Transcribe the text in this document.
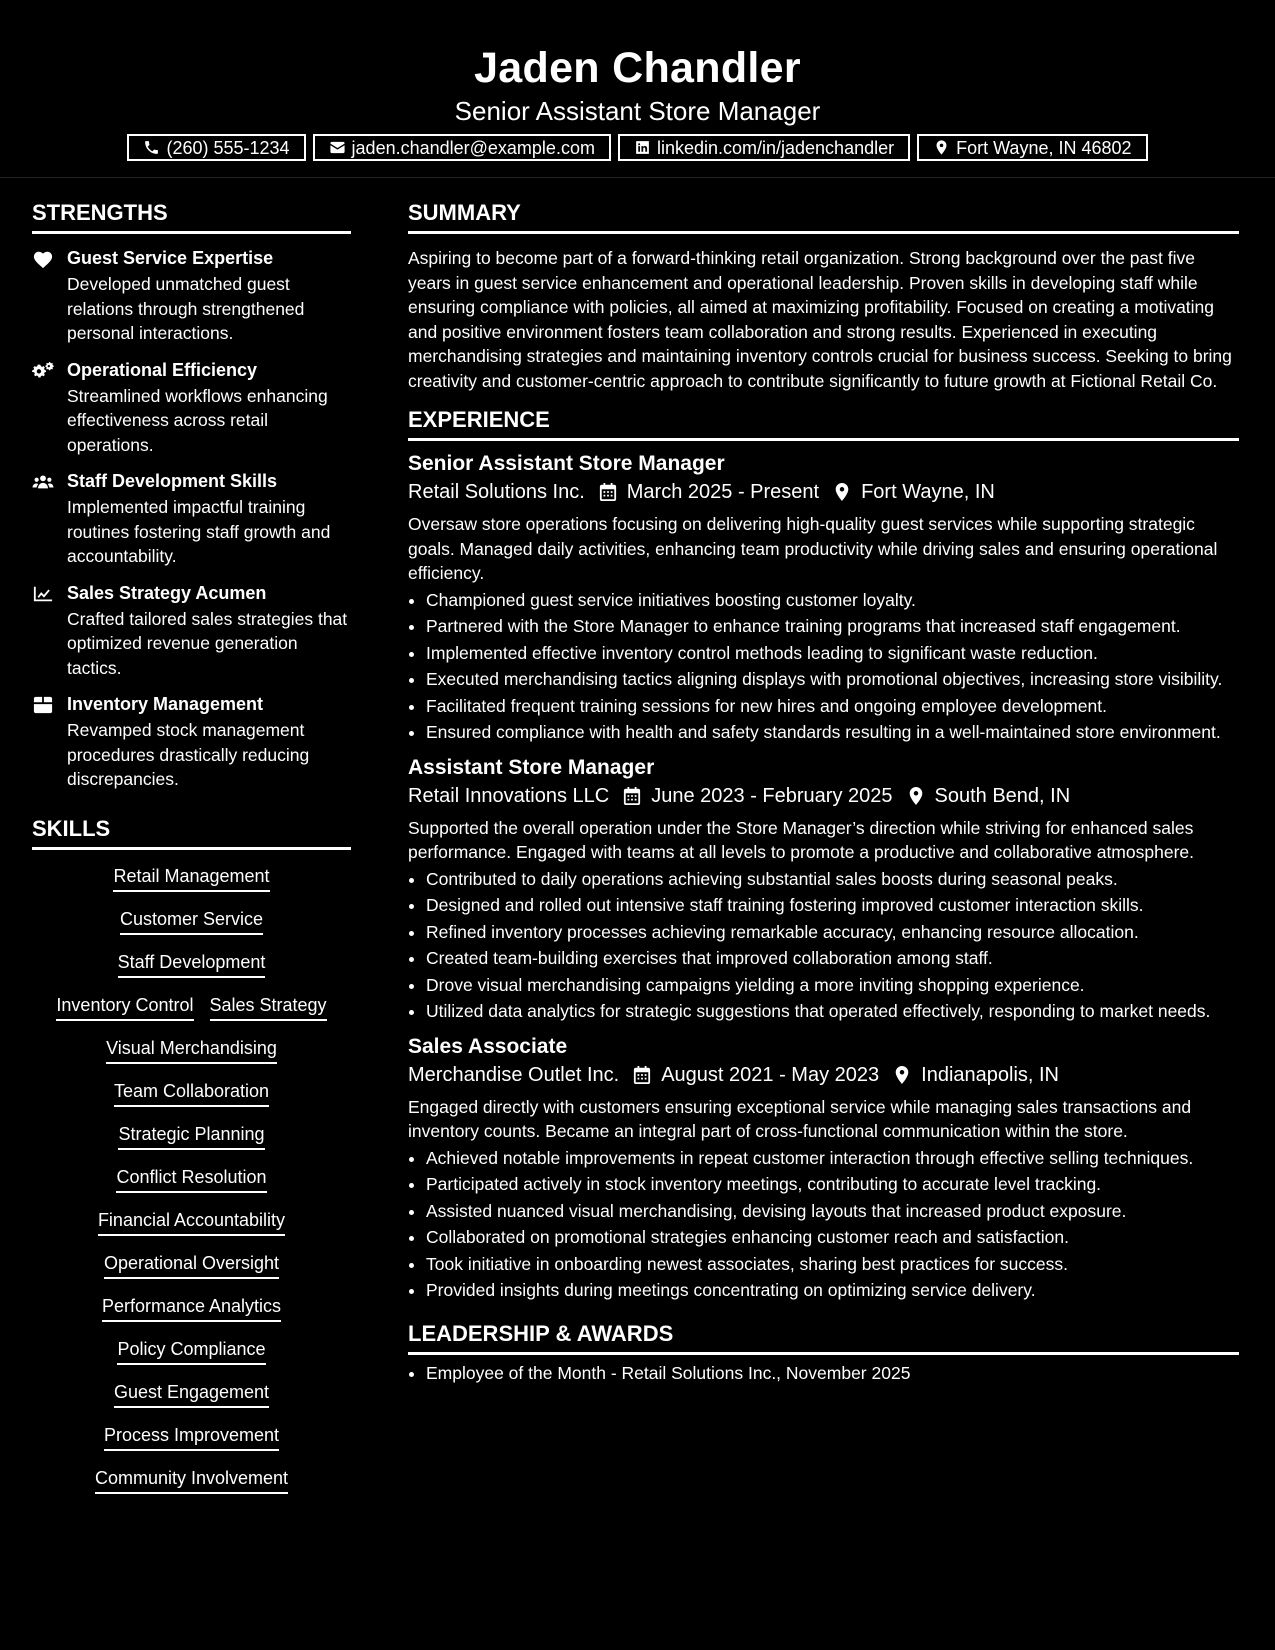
Jaden Chandler
Senior Assistant Store Manager
(260) 555-1234	jaden.chandler@example.com	linkedin.com/in/jadenchandler	Fort Wayne, IN 46802
STRENGTHS
Guest Service Expertise

Developed unmatched guest relations through strengthened personal interactions.

Operational Efficiency

Streamlined workflows enhancing effectiveness across retail operations.

Staff Development Skills

Implemented impactful training routines fostering staff growth and accountability.

Sales Strategy Acumen

Crafted tailored sales strategies that optimized revenue generation tactics.

Inventory Management

Revamped stock management procedures drastically reducing discrepancies.

SKILLS
Retail Management
Customer Service
Staff Development
Inventory Control Sales Strategy
Visual Merchandising
Team Collaboration
Strategic Planning
Conflict Resolution
Financial Accountability
Operational Oversight
Performance Analytics
Policy Compliance
Guest Engagement
Process Improvement
Community Involvement
SUMMARY

Aspiring to become part of a forward-thinking retail organization. Strong background over the past five years in guest service enhancement and operational leadership. Proven skills in developing staff while ensuring compliance with policies, all aimed at maximizing profitability. Focused on creating a motivating and positive environment fosters team collaboration and strong results. Experienced in executing merchandising strategies and maintaining inventory controls crucial for business success. Seeking to bring creativity and customer-centric approach to contribute significantly to future growth at Fictional Retail Co.

EXPERIENCE
Senior Assistant Store Manager
Retail Solutions Inc. March 2025 - Present Fort Wayne, IN

Oversaw store operations focusing on delivering high-quality guest services while supporting strategic goals. Managed daily activities, enhancing team productivity while driving sales and ensuring operational efficiency.

• Championed guest service initiatives boosting customer loyalty.
• Partnered with the Store Manager to enhance training programs that increased staff engagement.
• Implemented effective inventory control methods leading to significant waste reduction.
• Executed merchandising tactics aligning displays with promotional objectives, increasing store visibility.
• Facilitated frequent training sessions for new hires and ongoing employee development.
• Ensured compliance with health and safety standards resulting in a well-maintained store environment.
Assistant Store Manager
Retail Innovations LLC June 2023 - February 2025 South Bend, IN

Supported the overall operation under the Store Manager’s direction while striving for enhanced sales performance. Engaged with teams at all levels to promote a productive and collaborative atmosphere.

• Contributed to daily operations achieving substantial sales boosts during seasonal peaks.
• Designed and rolled out intensive staff training fostering improved customer interaction skills.
• Refined inventory processes achieving remarkable accuracy, enhancing resource allocation.
• Created team-building exercises that improved collaboration among staff.
• Drove visual merchandising campaigns yielding a more inviting shopping experience.
• Utilized data analytics for strategic suggestions that operated effectively, responding to market needs.
Sales Associate
Merchandise Outlet Inc. August 2021 - May 2023 Indianapolis, IN

Engaged directly with customers ensuring exceptional service while managing sales transactions and inventory counts. Became an integral part of cross-functional communication within the store.

• Achieved notable improvements in repeat customer interaction through effective selling techniques.
• Participated actively in stock inventory meetings, contributing to accurate level tracking.
• Assisted nuanced visual merchandising, devising layouts that increased product exposure.
• Collaborated on promotional strategies enhancing customer reach and satisfaction.
• Took initiative in onboarding newest associates, sharing best practices for success.
• Provided insights during meetings concentrating on optimizing service delivery.
LEADERSHIP & AWARDS
• Employee of the Month - Retail Solutions Inc., November 2025
